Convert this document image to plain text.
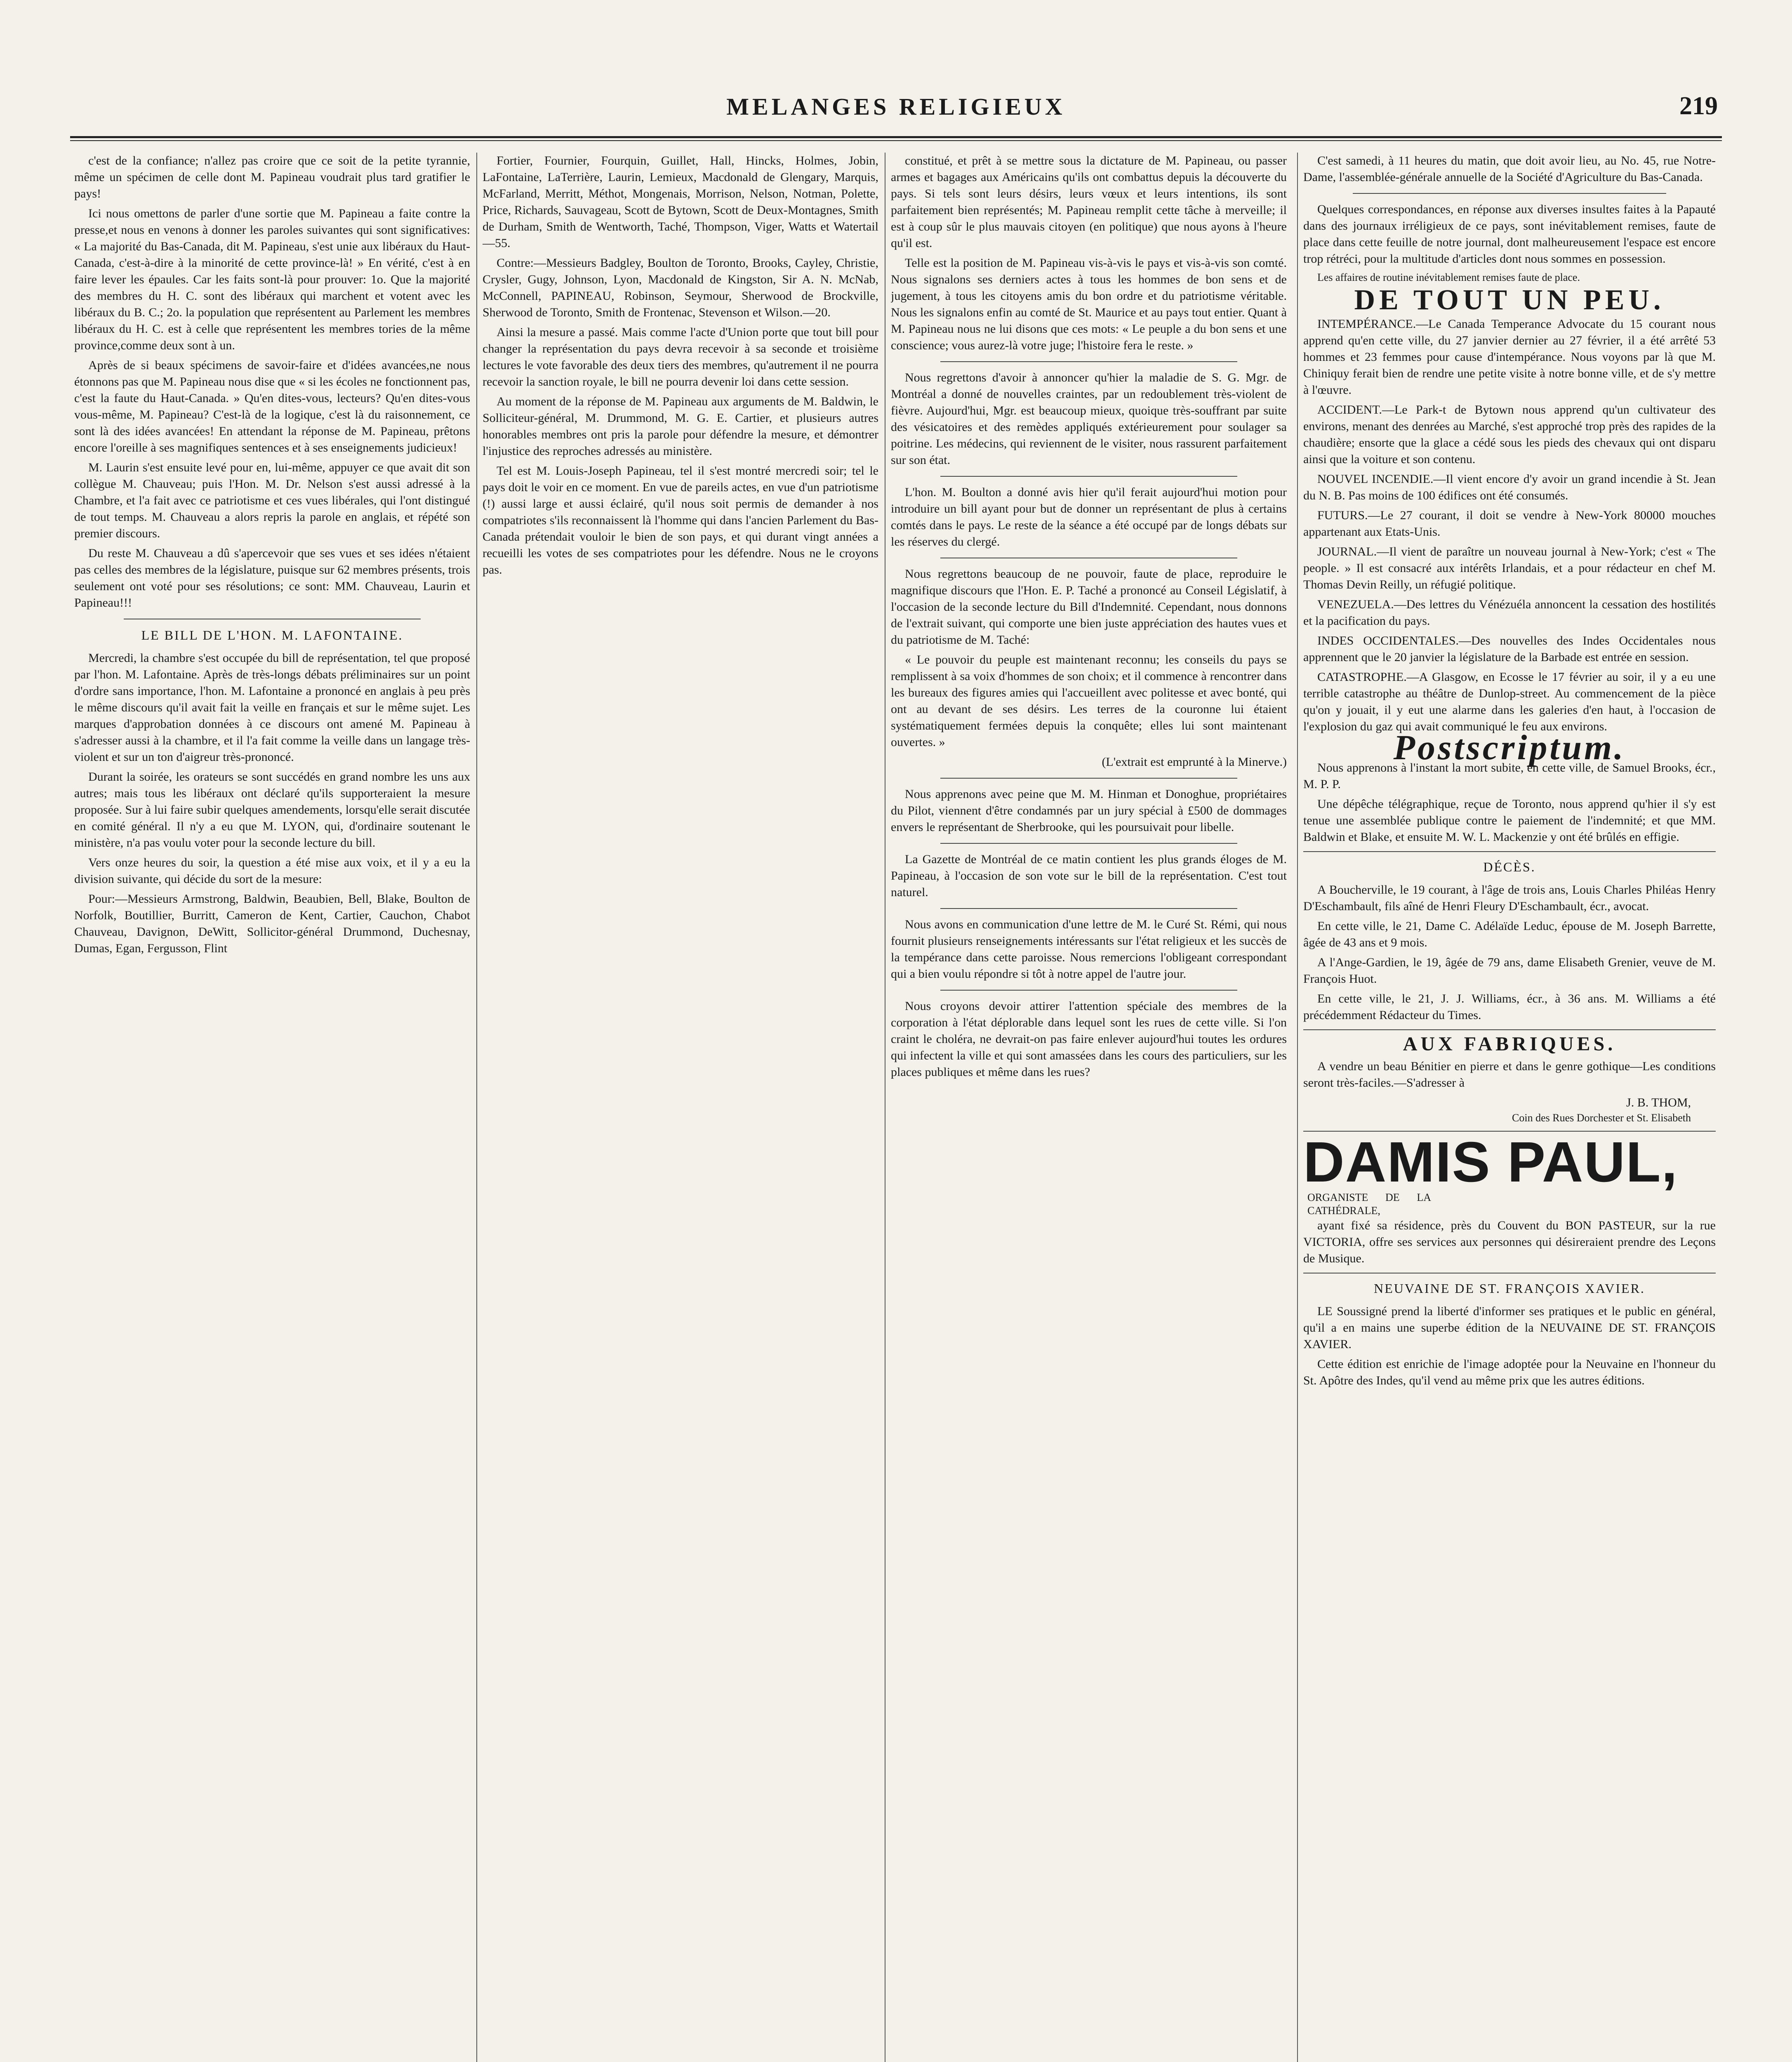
MELANGES RELIGIEUX	219

c'est de la confiance; n'allez pas croire que ce soit de la petite tyrannie, même un spécimen de celle dont M. Papineau voudrait plus tard gratifier le pays!

Ici nous omettons de parler d'une sortie que M. Papineau a faite contre la presse,et nous en venons à donner les paroles suivantes qui sont significatives: « La majorité du Bas-Canada, dit M. Papineau, s'est unie aux libéraux du Haut-Canada, c'est-à-dire à la minorité de cette province-là! » En vérité, c'est à en faire lever les épaules. Car les faits sont-là pour prouver: 1o. Que la majorité des membres du H. C. sont des libéraux qui marchent et votent avec les libéraux du B. C.; 2o. la population que représentent au Parlement les membres libéraux du H. C. est à celle que représentent les membres tories de la même province,comme deux sont à un.

Après de si beaux spécimens de savoir-faire et d'idées avancées,ne nous étonnons pas que M. Papineau nous dise que « si les écoles ne fonctionnent pas, c'est la faute du Haut-Canada. » Qu'en dites-vous, lecteurs? Qu'en dites-vous vous-même, M. Papineau? C'est-là de la logique, c'est là du raisonnement, ce sont là des idées avancées! En attendant la réponse de M. Papineau, prêtons encore l'oreille à ses magnifiques sentences et à ses enseignements judicieux!

M. Laurin s'est ensuite levé pour en, lui-même, appuyer ce que avait dit son collègue M. Chauveau; puis l'Hon. M. Dr. Nelson s'est aussi adressé à la Chambre, et l'a fait avec ce patriotisme et ces vues libérales, qui l'ont distingué de tout temps. M. Chauveau a alors repris la parole en anglais, et répété son premier discours.

Du reste M. Chauveau a dû s'apercevoir que ses vues et ses idées n'étaient pas celles des membres de la législature, puisque sur 62 membres présents, trois seulement ont voté pour ses résolutions; ce sont: MM. Chauveau, Laurin et Papineau!!!

LE BILL DE L'HON. M. LAFONTAINE.

Mercredi, la chambre s'est occupée du bill de représentation, tel que proposé par l'hon. M. Lafontaine. Après de très-longs débats préliminaires sur un point d'ordre sans importance, l'hon. M. Lafontaine a prononcé en anglais à peu près le même discours qu'il avait fait la veille en français et sur le même sujet. Les marques d'approbation données à ce discours ont amené M. Papineau à s'adresser aussi à la chambre, et il l'a fait comme la veille dans un langage très-violent et sur un ton d'aigreur très-prononcé.

Durant la soirée, les orateurs se sont succédés en grand nombre les uns aux autres; mais tous les libéraux ont déclaré qu'ils supporteraient la mesure proposée. Sur à lui faire subir quelques amendements, lorsqu'elle serait discutée en comité général. Il n'y a eu que M. LYON, qui, d'ordinaire soutenant le ministère, n'a pas voulu voter pour la seconde lecture du bill.

Vers onze heures du soir, la question a été mise aux voix, et il y a eu la division suivante, qui décide du sort de la mesure:

Pour:—Messieurs Armstrong, Baldwin, Beaubien, Bell, Blake, Boulton de Norfolk, Boutillier, Burritt, Cameron de Kent, Cartier, Cauchon, Chabot Chauveau, Davignon, DeWitt, Sollicitor-général Drummond, Duchesnay, Dumas, Egan, Fergusson, Flint

Fortier, Fournier, Fourquin, Guillet, Hall, Hincks, Holmes, Jobin, LaFontaine, LaTerrière, Laurin, Lemieux, Macdonald de Glengary, Marquis, McFarland, Merritt, Méthot, Mongenais, Morrison, Nelson, Notman, Polette, Price, Richards, Sauvageau, Scott de Bytown, Scott de Deux-Montagnes, Smith de Durham, Smith de Wentworth, Taché, Thompson, Viger, Watts et Watertail—55.

Contre:—Messieurs Badgley, Boulton de Toronto, Brooks, Cayley, Christie, Crysler, Gugy, Johnson, Lyon, Macdonald de Kingston, Sir A. N. McNab, McConnell, PAPINEAU, Robinson, Seymour, Sherwood de Brockville, Sherwood de Toronto, Smith de Frontenac, Stevenson et Wilson.—20.

Ainsi la mesure a passé. Mais comme l'acte d'Union porte que tout bill pour changer la représentation du pays devra recevoir à sa seconde et troisième lectures le vote favorable des deux tiers des membres, qu'autrement il ne pourra recevoir la sanction royale, le bill ne pourra devenir loi dans cette session.

Au moment de la réponse de M. Papineau aux arguments de M. Baldwin, le Solliciteur-général, M. Drummond, M. G. E. Cartier, et plusieurs autres honorables membres ont pris la parole pour défendre la mesure, et démontrer l'injustice des reproches adressés au ministère.

Tel est M. Louis-Joseph Papineau, tel il s'est montré mercredi soir; tel le pays doit le voir en ce moment. En vue de pareils actes, en vue d'un patriotisme (!) aussi large et aussi éclairé, qu'il nous soit permis de demander à nos compatriotes s'ils reconnaissent là l'homme qui dans l'ancien Parlement du Bas-Canada prétendait vouloir le bien de son pays, et qui durant vingt années a recueilli les votes de ses compatriotes pour les défendre. Nous ne le croyons pas.

constitué, et prêt à se mettre sous la dictature de M. Papineau, ou passer armes et bagages aux Américains qu'ils ont combattus depuis la découverte du pays. Si tels sont leurs désirs, leurs vœux et leurs intentions, ils sont parfaitement bien représentés; M. Papineau remplit cette tâche à merveille; il est à coup sûr le plus mauvais citoyen (en politique) que nous ayons à l'heure qu'il est.

Telle est la position de M. Papineau vis-à-vis le pays et vis-à-vis son comté. Nous signalons ses derniers actes à tous les hommes de bon sens et de jugement, à tous les citoyens amis du bon ordre et du patriotisme véritable. Nous les signalons enfin au comté de St. Maurice et au pays tout entier. Quant à M. Papineau nous ne lui disons que ces mots: « Le peuple a du bon sens et une conscience; vous aurez-là votre juge; l'histoire fera le reste. »

Nous regrettons d'avoir à annoncer qu'hier la maladie de S. G. Mgr. de Montréal a donné de nouvelles craintes, par un redoublement très-violent de fièvre. Aujourd'hui, Mgr. est beaucoup mieux, quoique très-souffrant par suite des vésicatoires et des remèdes appliqués extérieurement pour soulager sa poitrine. Les médecins, qui reviennent de le visiter, nous rassurent parfaitement sur son état.

L'hon. M. Boulton a donné avis hier qu'il ferait aujourd'hui motion pour introduire un bill ayant pour but de donner un représentant de plus à certains comtés dans le pays. Le reste de la séance a été occupé par de longs débats sur les réserves du clergé.

Nous regrettons beaucoup de ne pouvoir, faute de place, reproduire le magnifique discours que l'Hon. E. P. Taché a prononcé au Conseil Législatif, à l'occasion de la seconde lecture du Bill d'Indemnité. Cependant, nous donnons de l'extrait suivant, qui comporte une bien juste appréciation des hautes vues et du patriotisme de M. Taché:

« Le pouvoir du peuple est maintenant reconnu; les conseils du pays se remplissent à sa voix d'hommes de son choix; et il commence à rencontrer dans les bureaux des figures amies qui l'accueillent avec politesse et avec bonté, qui ont au devant de ses désirs. Les terres de la couronne lui étaient systématiquement fermées depuis la conquête; elles lui sont maintenant ouvertes. »

(L'extrait est emprunté à la Minerve.)

Nous apprenons avec peine que M. M. Hinman et Donoghue, propriétaires du Pilot, viennent d'être condamnés par un jury spécial à £500 de dommages envers le représentant de Sherbrooke, qui les poursuivait pour libelle.

La Gazette de Montréal de ce matin contient les plus grands éloges de M. Papineau, à l'occasion de son vote sur le bill de la représentation. C'est tout naturel.

Nous avons en communication d'une lettre de M. le Curé St. Rémi, qui nous fournit plusieurs renseignements intéressants sur l'état religieux et les succès de la tempérance dans cette paroisse. Nous remercions l'obligeant correspondant qui a bien voulu répondre si tôt à notre appel de l'autre jour.

Nous croyons devoir attirer l'attention spéciale des membres de la corporation à l'état déplorable dans lequel sont les rues de cette ville. Si l'on craint le choléra, ne devrait-on pas faire enlever aujourd'hui toutes les ordures qui infectent la ville et qui sont amassées dans les cours des particuliers, sur les places publiques et même dans les rues?

C'est samedi, à 11 heures du matin, que doit avoir lieu, au No. 45, rue Notre-Dame, l'assemblée-générale annuelle de la Société d'Agriculture du Bas-Canada.

Quelques correspondances, en réponse aux diverses insultes faites à la Papauté dans des journaux irréligieux de ce pays, sont inévitablement remises, faute de place dans cette feuille de notre journal, dont malheureusement l'espace est encore trop rétréci, pour la multitude d'articles dont nous sommes en possession.

Les affaires de routine inévitablement remises faute de place.

DE TOUT UN PEU.

INTEMPÉRANCE.—Le Canada Temperance Advocate du 15 courant nous apprend qu'en cette ville, du 27 janvier dernier au 27 février, il a été arrêté 53 hommes et 23 femmes pour cause d'intempérance. Nous voyons par là que M. Chiniquy ferait bien de rendre une petite visite à notre bonne ville, et de s'y mettre à l'œuvre.

ACCIDENT.—Le Park-t de Bytown nous apprend qu'un cultivateur des environs, menant des denrées au Marché, s'est approché trop près des rapides de la chaudière; ensorte que la glace a cédé sous les pieds des chevaux qui ont disparu ainsi que la voiture et son contenu.

NOUVEL INCENDIE.—Il vient encore d'y avoir un grand incendie à St. Jean du N. B. Pas moins de 100 édifices ont été consumés.

FUTURS.—Le 27 courant, il doit se vendre à New-York 80000 mouches appartenant aux Etats-Unis.

JOURNAL.—Il vient de paraître un nouveau journal à New-York; c'est « The people. » Il est consacré aux intérêts Irlandais, et a pour rédacteur en chef M. Thomas Devin Reilly, un réfugié politique.

VENEZUELA.—Des lettres du Vénézuéla annoncent la cessation des hostilités et la pacification du pays.

INDES OCCIDENTALES.—Des nouvelles des Indes Occidentales nous apprennent que le 20 janvier la législature de la Barbade est entrée en session.

CATASTROPHE.—A Glasgow, en Ecosse le 17 février au soir, il y a eu une terrible catastrophe au théâtre de Dunlop-street. Au commencement de la pièce qu'on y jouait, il y eut une alarme dans les galeries d'en haut, à l'occasion de l'explosion du gaz qui avait communiqué le feu aux environs.

Postscriptum.

Nous apprenons à l'instant la mort subite, en cette ville, de Samuel Brooks, écr., M. P. P.

Une dépêche télégraphique, reçue de Toronto, nous apprend qu'hier il s'y est tenue une assemblée publique contre le paiement de l'indemnité; et que MM. Baldwin et Blake, et ensuite M. W. L. Mackenzie y ont été brûlés en effigie.

DÉCÈS.

A Boucherville, le 19 courant, à l'âge de trois ans, Louis Charles Philéas Henry D'Eschambault, fils aîné de Henri Fleury D'Eschambault, écr., avocat.

En cette ville, le 21, Dame C. Adélaïde Leduc, épouse de M. Joseph Barrette, âgée de 43 ans et 9 mois.

A l'Ange-Gardien, le 19, âgée de 79 ans, dame Elisabeth Grenier, veuve de M. François Huot.

En cette ville, le 21, J. J. Williams, écr., à 36 ans. M. Williams a été précédemment Rédacteur du Times.

AUX FABRIQUES.

A vendre un beau Bénitier en pierre et dans le genre gothique—Les conditions seront très-faciles.—S'adresser à

J. B. THOM,
Coin des Rues Dorchester et St. Elisabeth
DAMIS PAUL, ORGANISTE DE LA CATHÉDRALE,

ayant fixé sa résidence, près du Couvent du BON PASTEUR, sur la rue VICTORIA, offre ses services aux personnes qui désireraient prendre des Leçons de Musique.

NEUVAINE DE ST. FRANÇOIS XAVIER.

LE Soussigné prend la liberté d'informer ses pratiques et le public en général, qu'il a en mains une superbe édition de la NEUVAINE DE ST. FRANÇOIS XAVIER.

Cette édition est enrichie de l'image adoptée pour la Neuvaine en l'honneur du St. Apôtre des Indes, qu'il vend au même prix que les autres éditions.
